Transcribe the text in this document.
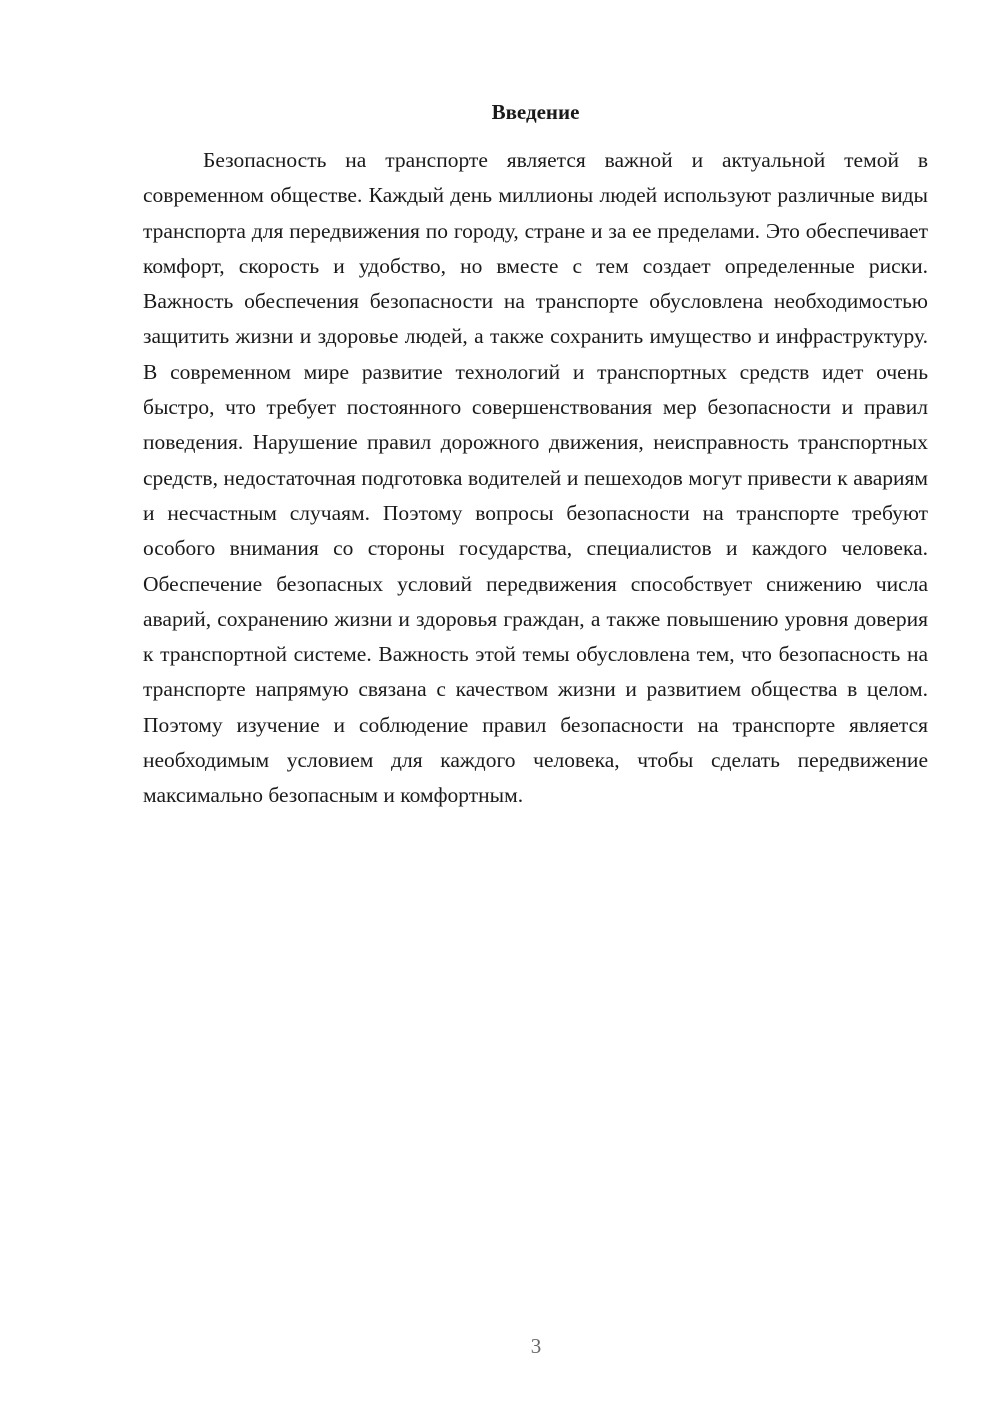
Введение

Безопасность на транспорте является важной и актуальной темой в современном обществе. Каждый день миллионы людей используют различные виды транспорта для передвижения по городу, стране и за ее пределами. Это обеспечивает комфорт, скорость и удобство, но вместе с тем создает определенные риски. Важность обеспечения безопасности на транспорте обусловлена необходимостью защитить жизни и здоровье людей, а также сохранить имущество и инфраструктуру. В современном мире развитие технологий и транспортных средств идет очень быстро, что требует постоянного совершенствования мер безопасности и правил поведения. Нарушение правил дорожного движения, неисправность транспортных средств, недостаточная подготовка водителей и пешеходов могут привести к авариям и несчастным случаям. Поэтому вопросы безопасности на транспорте требуют особого внимания со стороны государства, специалистов и каждого человека. Обеспечение безопасных условий передвижения способствует снижению числа аварий, сохранению жизни и здоровья граждан, а также повышению уровня доверия к транспортной системе. Важность этой темы обусловлена тем, что безопасность на транспорте напрямую связана с качеством жизни и развитием общества в целом. Поэтому изучение и соблюдение правил безопасности на транспорте является необходимым условием для каждого человека, чтобы сделать передвижение максимально безопасным и комфортным.

3
